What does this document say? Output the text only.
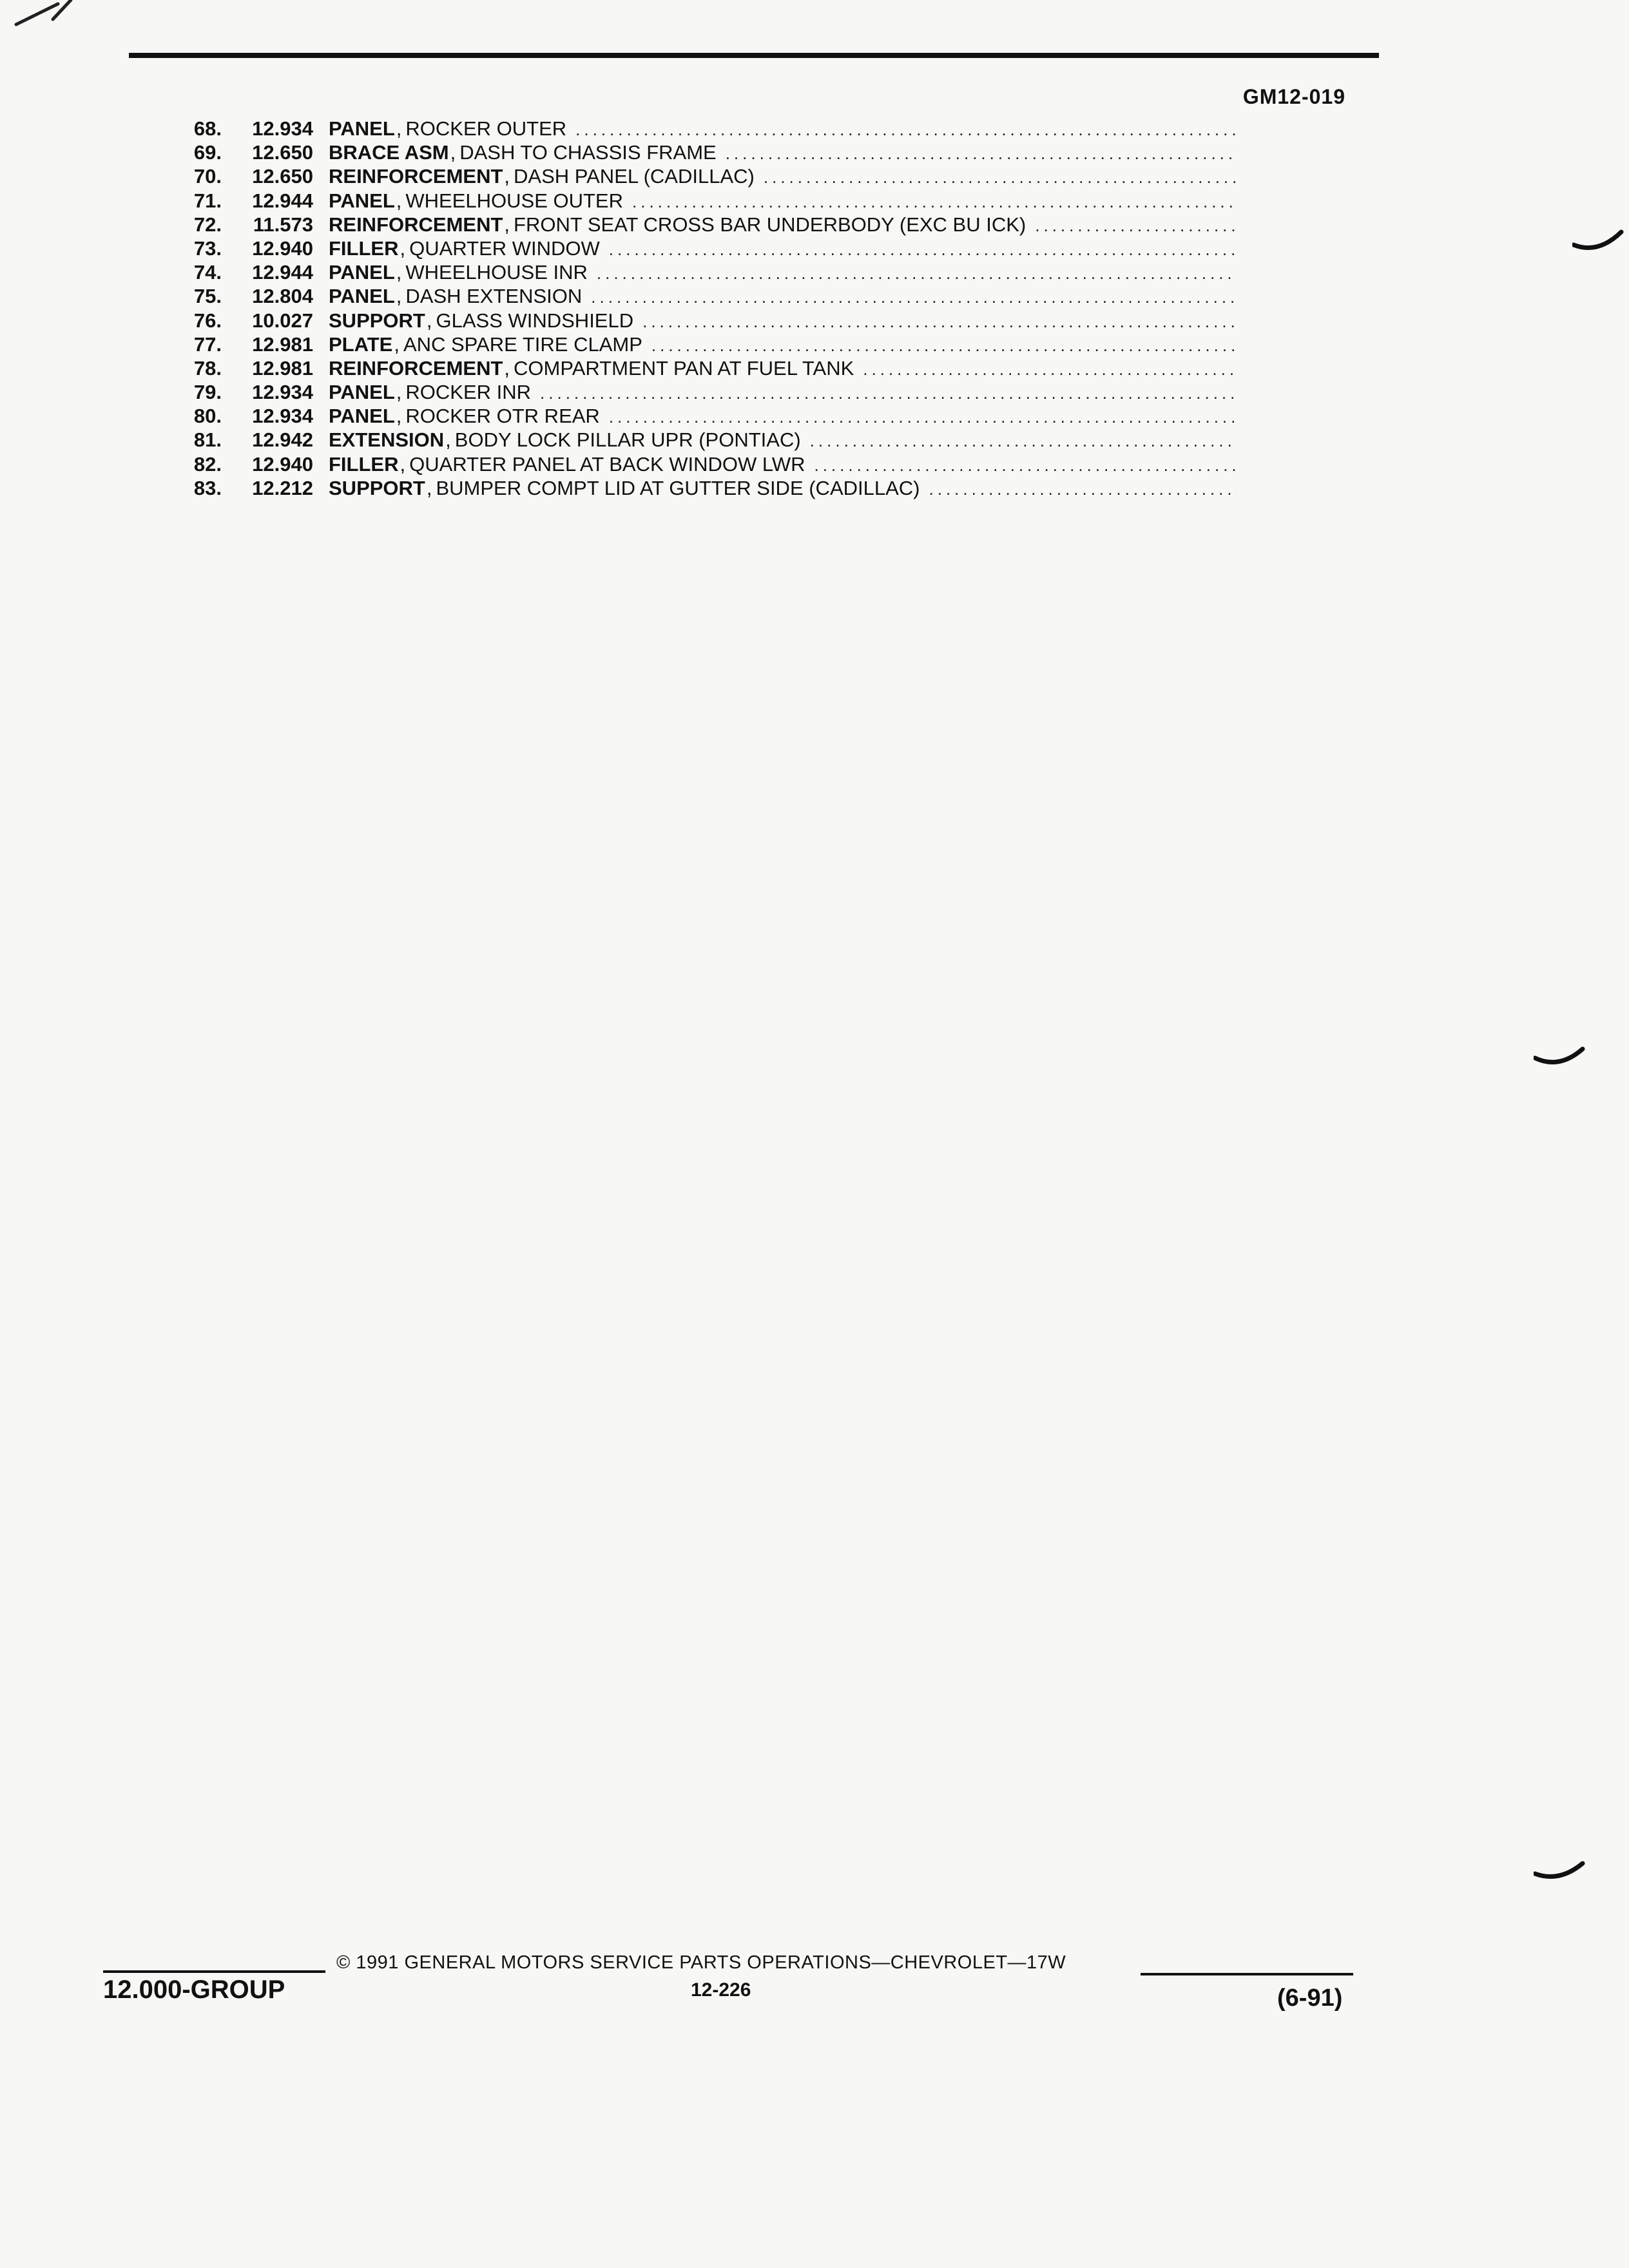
GM12-019
68.	12.934 PANEL , ROCKER OUTER
.....
69.	12.650 BRACE ASM , DASH TO CHASSIS FRAME
.....
70.	12.650 REINFORCEMENT , DASH PANEL (CADILLAC)
.....
71.	12.944 PANEL , WHEELHOUSE OUTER
.....
72.	11.573 REINFORCEMENT , FRONT SEAT CROSS BAR UNDERBODY (EXC BU ICK)
.....
73.	12.940 FILLER , QUARTER WINDOW
.....
74.	12.944 PANEL , WHEELHOUSE INR
.....
75.	12.804 PANEL , DASH EXTENSION
.....
76.	10.027 SUPPORT , GLASS WINDSHIELD
.....
77.	12.981 PLATE , ANC SPARE TIRE CLAMP
.....
78.	12.981 REINFORCEMENT , COMPARTMENT PAN AT FUEL TANK
.....
79.	12.934 PANEL , ROCKER INR
.....
80.	12.934 PANEL , ROCKER OTR REAR
.....
81.	12.942 EXTENSION , BODY LOCK PILLAR UPR (PONTIAC)
.....
82.	12.940 FILLER , QUARTER PANEL AT BACK WINDOW LWR
.....
83.	12.212 SUPPORT , BUMPER COMPT LID AT GUTTER SIDE (CADILLAC)
.....
12.000-GROUP
© 1991 GENERAL MOTORS SERVICE PARTS OPERATIONS—CHEVROLET—17W
12-226	(6-91)
